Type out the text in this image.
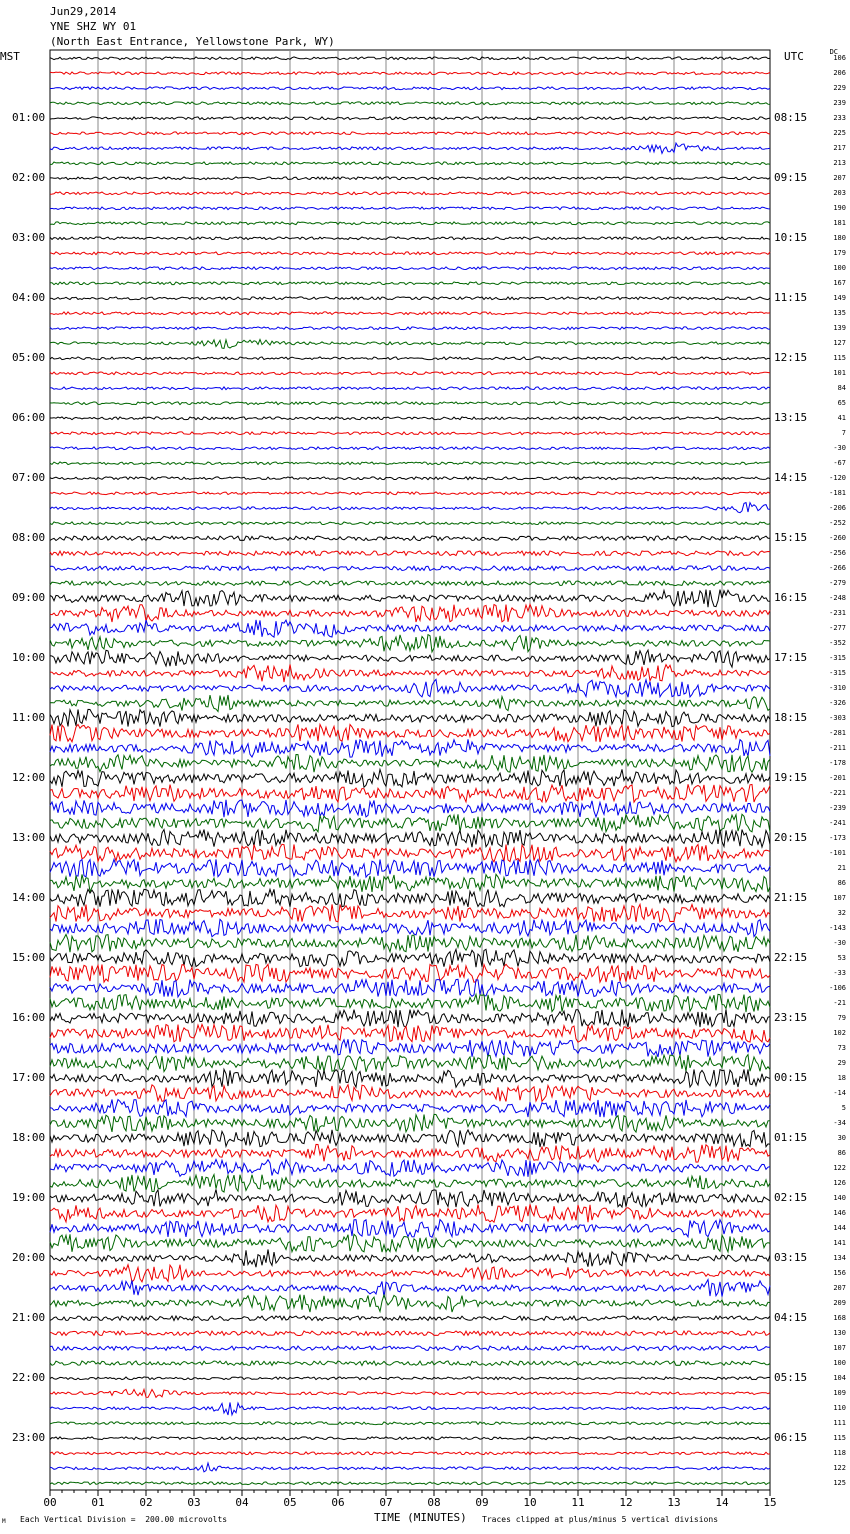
Jun29,2014
YNE SHZ WY 01
(North East Entrance, Yellowstone Park, WY)
MST	UTC	DC
01:00
02:00
03:00
04:00
05:00
06:00
07:00
08:00
09:00
10:00
11:00
12:00
13:00
14:00
15:00
16:00
17:00
18:00
19:00
20:00
21:00
22:00
23:00
08:15
09:15
10:15
11:15
12:15
13:15
14:15
15:15
16:15
17:15
18:15
19:15
20:15
21:15
22:15
23:15
00:15
01:15
02:15
03:15
04:15
05:15
06:15
106
206
229
239
233
225
217
213
207
203
190
181
180
179
100
167
149
135
139
127
115
101
84
65
41
7
-30
-67
-120
-181
-206
-252
-260
-256
-266
-279
-248
-231
-277
-352
-315
-315
-310
-326
-303
-281
-211
-178
-201
-221
-239
-241
-173
-101
21
86
107
32
-143
-30
53
-33
-106
-21
79
102
73
29
18
-14
5
-34
30
86
122
126
140
146
144
141
134
156
207
209
168
130
107
100
104
109
110
111
115
118
122
125
00	01	02	03	04	05	06	07	08	09	10	11	12	13	14	15
TIME (MINUTES)
Each Vertical Division =  200.00 microvolts	Traces clipped at plus/minus 5 vertical divisions
M
